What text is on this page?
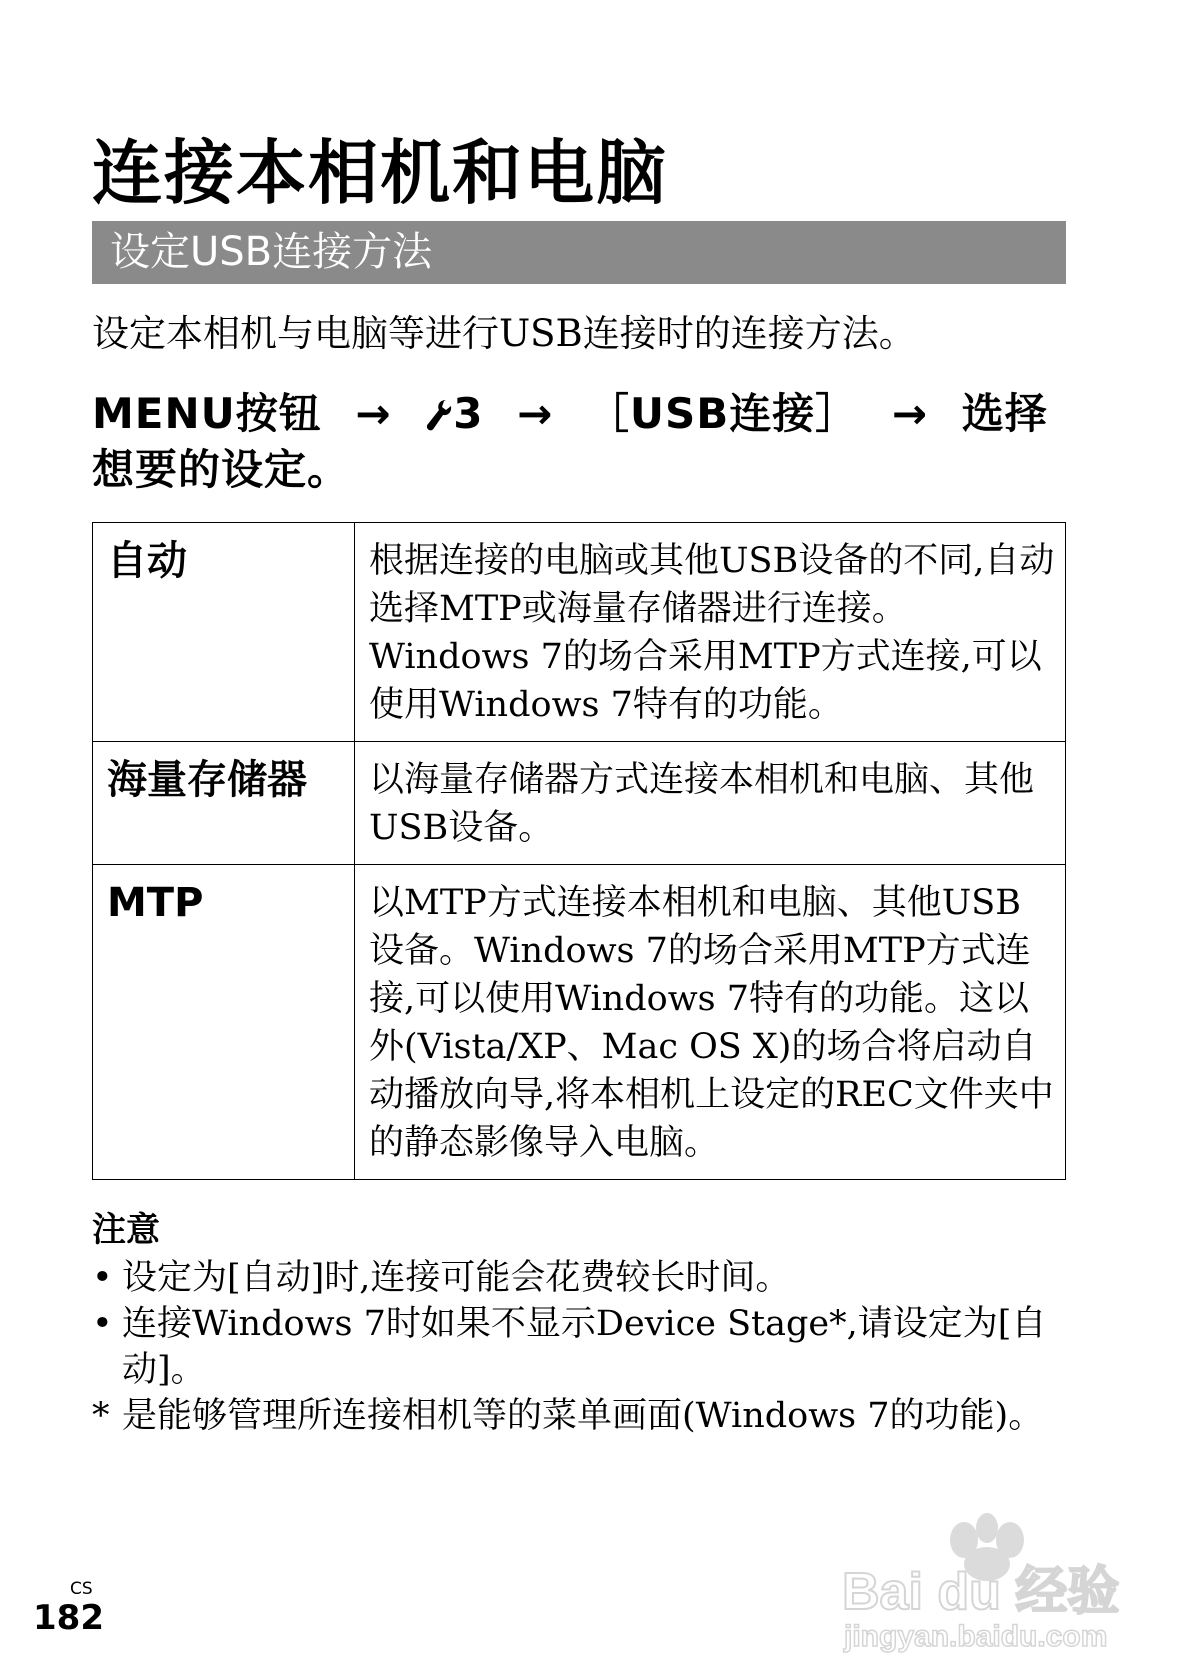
连接本相机和电脑
设定USB连接方法
设定本相机与电脑等进行USB连接时的连接方法。
MENU按钮 → 3 → ［USB连接］ → 选择想要的设定。
自动	根据连接的电脑或其他USB设备的不同,自动选择MTP或海量存储器进行连接。Windows 7的场合采用MTP方式连接,可以使用Windows 7特有的功能。

海量存储器	以海量存储器方式连接本相机和电脑、其他USB设备。

MTP	以MTP方式连接本相机和电脑、其他USB设备。Windows 7的场合采用MTP方式连接,可以使用Windows 7特有的功能。这以外(Vista/XP、Mac OS X)的场合将启动自动播放向导,将本相机上设定的REC文件夹中的静态影像导入电脑。
注意
• 设定为[自动]时,连接可能会花费较长时间。
• 连接Windows 7时如果不显示Device Stage*,请设定为[自动]。
* 是能够管理所连接相机等的菜单画面(Windows 7的功能)。
CS
182	Bai du 经验
jingyan.baidu.com
